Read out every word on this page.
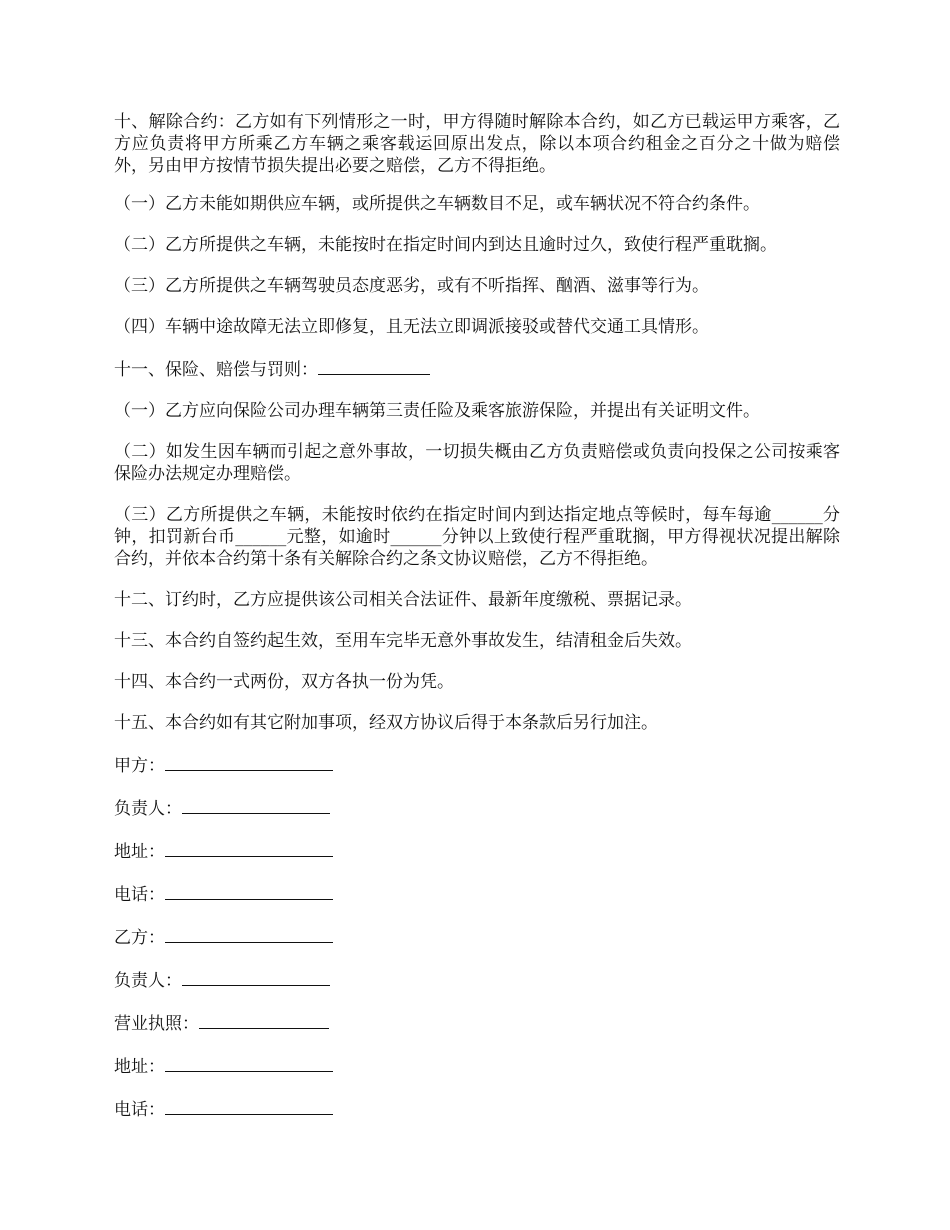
十、解除合约：乙方如有下列情形之一时，甲方得随时解除本合约，如乙方已载运甲方乘客，乙方应负责将甲方所乘乙方车辆之乘客载运回原出发点，除以本项合约租金之百分之十做为赔偿外，另由甲方按情节损失提出必要之赔偿，乙方不得拒绝。

（一）乙方未能如期供应车辆，或所提供之车辆数目不足，或车辆状况不符合约条件。

（二）乙方所提供之车辆，未能按时在指定时间内到达且逾时过久，致使行程严重耽搁。

（三）乙方所提供之车辆驾驶员态度恶劣，或有不听指挥、酗酒、滋事等行为。

（四）车辆中途故障无法立即修复，且无法立即调派接驳或替代交通工具情形。

十一、保险、赔偿与罚则：

（一）乙方应向保险公司办理车辆第三责任险及乘客旅游保险，并提出有关证明文件。

（二）如发生因车辆而引起之意外事故，一切损失概由乙方负责赔偿或负责向投保之公司按乘客保险办法规定办理赔偿。

（三）乙方所提供之车辆，未能按时依约在指定时间内到达指定地点等候时，每车每逾______分钟，扣罚新台币______元整，如逾时______分钟以上致使行程严重耽搁，甲方得视状况提出解除合约，并依本合约第十条有关解除合约之条文协议赔偿，乙方不得拒绝。

十二、订约时，乙方应提供该公司相关合法证件、最新年度缴税、票据记录。

十三、本合约自签约起生效，至用车完毕无意外事故发生，结清租金后失效。

十四、本合约一式两份，双方各执一份为凭。

十五、本合约如有其它附加事项，经双方协议后得于本条款后另行加注。

甲方：
负责人：
地址：
电话：
乙方：
负责人：
营业执照：
地址：
电话：
